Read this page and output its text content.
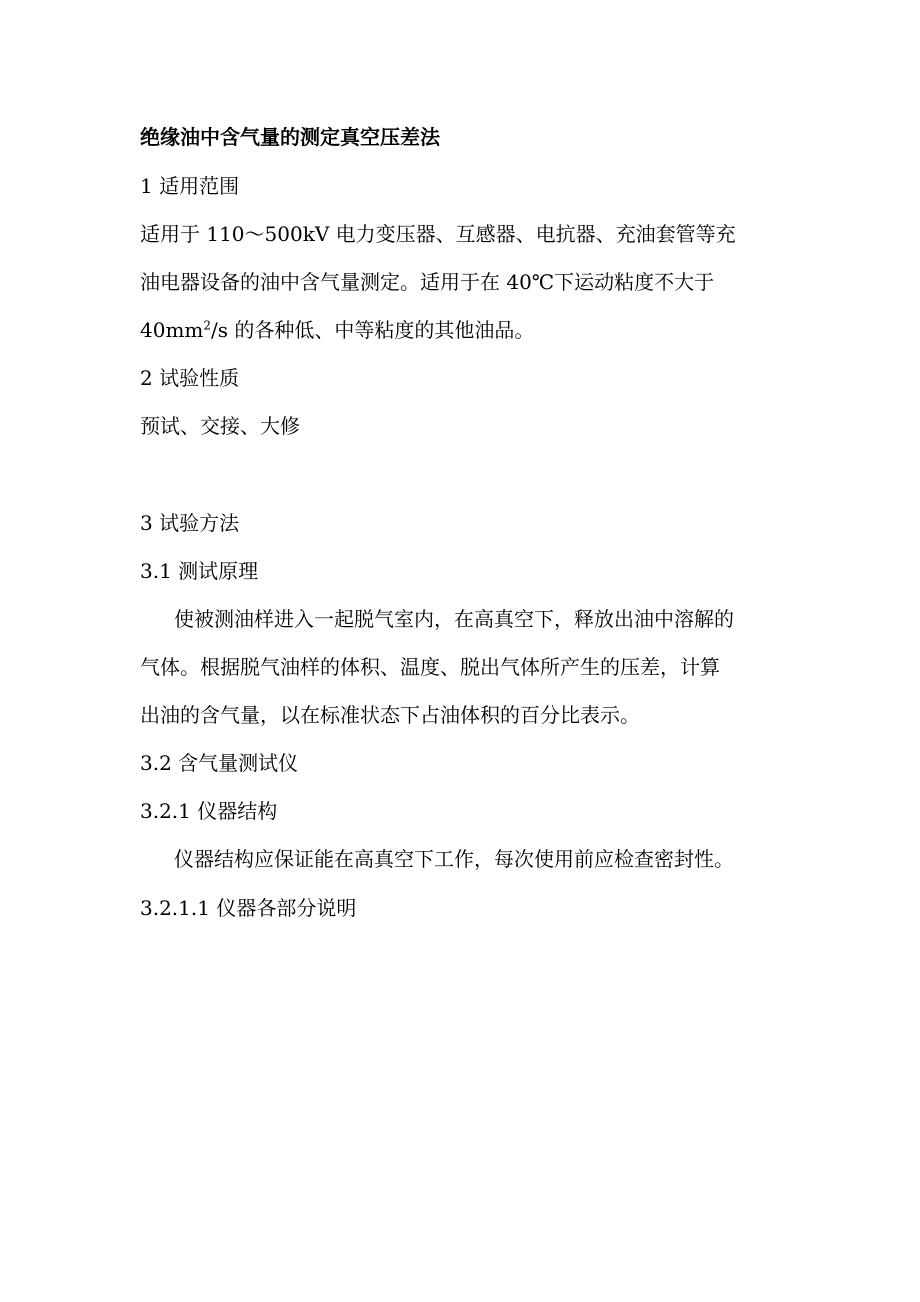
绝缘油中含气量的测定真空压差法
1 适用范围
适用于 110～500kV 电力变压器、互感器、电抗器、充油套管等充
油电器设备的油中含气量测定。适用于在 40℃下运动粘度不大于
$40mm^2/s$ 的各种低、中等粘度的其他油品。
2 试验性质
预试、交接、大修
3 试验方法
3.1 测试原理
使被测油样进入一起脱气室内，在高真空下，释放出油中溶解的
气体。根据脱气油样的体积、温度、脱出气体所产生的压差，计算
出油的含气量，以在标准状态下占油体积的百分比表示。
3.2 含气量测试仪
3.2.1 仪器结构
仪器结构应保证能在高真空下工作，每次使用前应检查密封性。
3.2.1.1 仪器各部分说明
